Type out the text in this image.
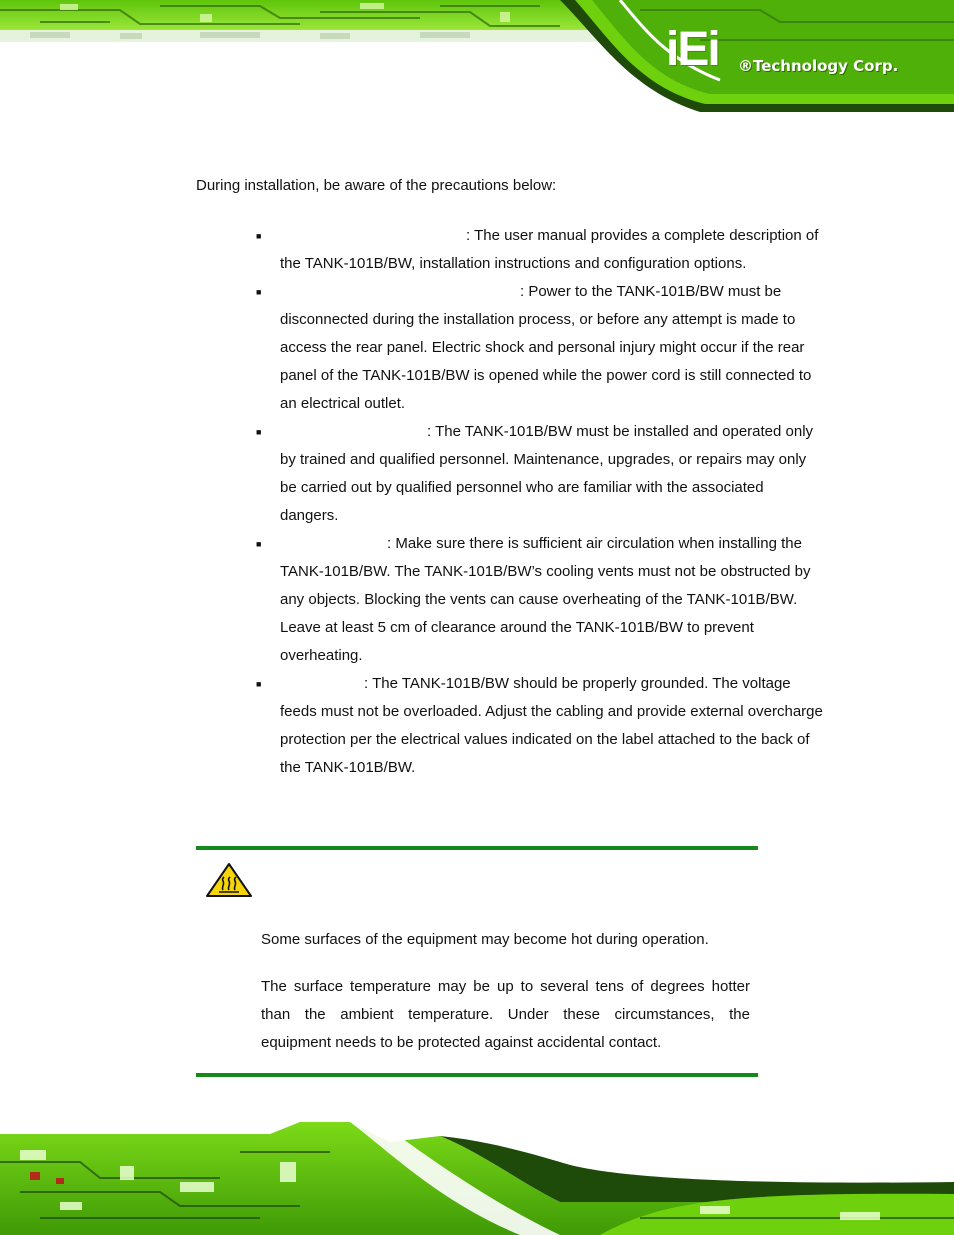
iEi ®Technology Corp.

During installation, be aware of the precautions below:

■	: The user manual provides a complete description of the TANK-101B/BW, installation instructions and configuration options.
■	: Power to the TANK-101B/BW must be disconnected during the installation process, or before any attempt is made to access the rear panel. Electric shock and personal injury might occur if the rear panel of the TANK-101B/BW is opened while the power cord is still connected to an electrical outlet.
■	: The TANK-101B/BW must be installed and operated only by trained and qualified personnel. Maintenance, upgrades, or repairs may only be carried out by qualified personnel who are familiar with the associated dangers.
■	: Make sure there is sufficient air circulation when installing the TANK-101B/BW. The TANK-101B/BW’s cooling vents must not be obstructed by any objects. Blocking the vents can cause overheating of the TANK-101B/BW. Leave at least 5 cm of clearance around the TANK-101B/BW to prevent overheating.
■	: The TANK-101B/BW should be properly grounded. The voltage feeds must not be overloaded. Adjust the cabling and provide external overcharge protection per the electrical values indicated on the label attached to the back of the TANK-101B/BW.

Some surfaces of the equipment may become hot during operation.

The surface temperature may be up to several tens of degrees hotter than the ambient temperature. Under these circumstances, the equipment needs to be protected against accidental contact.
